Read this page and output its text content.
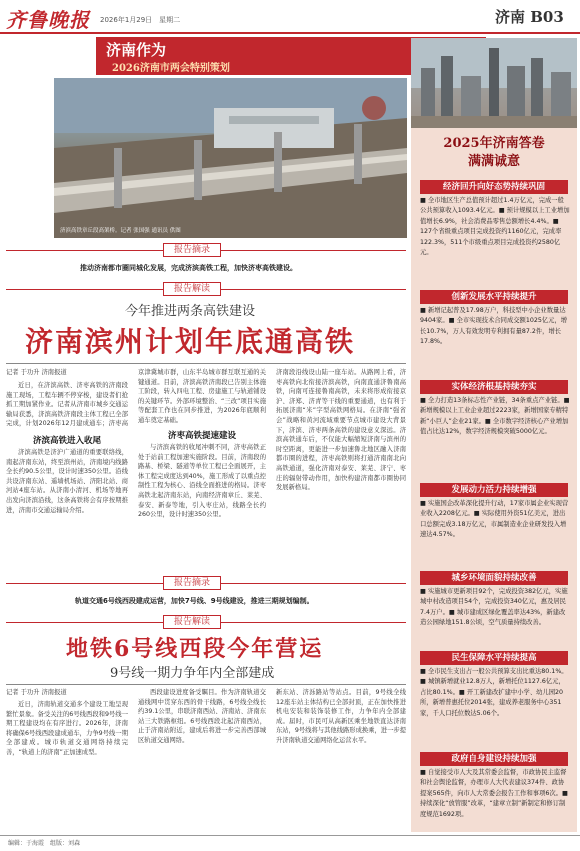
齐鲁晚报 2026年1月29日　星期二	济南 B03
济南作为
2026济南市两会特别策划
济滨高铁章丘段高架桥。记者 张国强 通讯员 供图
报告摘录
推动济南都市圈同城化发展，完成济滨高铁工程，加快济枣高铁建设。
报告解读
今年推进两条高铁建设
济南滨州计划年底通高铁
记者 于功升 济南报道
近日，在济滨高铁、济枣高铁的济南段施工现场，工程车辆不停穿梭，建设者们抢抓工期加紧作业。记者从济南市城乡交通运输局获悉，济滨高铁济南段主体工程已全部完成，计划2026年12月建成通车；济枣高
济滨高铁进入收尾
济滨高铁是济沪广通道的重要联络线，南起济南东站，终至滨州站，济南境内线路全长约90.5公里，设计时速350公里。沿线共设济南东站、遥墙机场站、济阳北站、商河站4座车站。从济南小清河、机场等地再出发向济滨沿线，这条高铁将会有序按期推进，济南市交通运输局介绍。
京津冀城市群，山东半岛城市群互联互通的关键通道。目前，济滨高铁济南段已告别主体施工阶段，转入四电工程、房建施工与轨道铺设的关键环节。外部环境整治、“三改”项目实施等配套工作也在同步推进，为2026年底顺利通车奠定基础。
济枣高铁提速建设
与济滨高铁的收尾冲刺不同，济枣高铁正处于站前工程加速实施阶段。目前，济南段的路基、桥梁、隧道等单位工程已全面展开，主体工程完成度达到40%，施工形成了以重点控制性工程为核心、沿线全面推进的格局。济枣高铁北起济南东站，向南经济南章丘、莱芜、泰安、新泰等地，引入枣庄站，线路全长约260公里，设计时速350公里。
济南段沿线设山陆一座车站。从路网上看，济枣高铁向北衔接济滨高铁，向南直通济鲁南高铁，向南可连接鲁南高铁，未来将形成衔接京沪、济郑、济青等干线的重要通道，也有利于拓展济南“米”字型高铁网格局。在济南“强省会”战略和黄河流域重要节点城市建设大背景下，济滨、济枣两条高铁的建设意义深远。济滨高铁通车后，不仅能大幅缩短济南与滨州的时空距离，更能进一步加速鲁北地区融入济南都市圈的进程，济枣高铁则将打通济南南北向高铁通道，强化济南对泰安、莱芜、济宁、枣庄的辐射带动作用，加快构建济南都市圈协同发展新格局。
报告摘录
轨道交通6号线西段建成运营，加快7号线、9号线建设，推进三期规划编制。
报告解读
地铁6号线西段今年营运
9号线一期力争年内全部建成
记者 于功升 济南报道
近日，济南轨道交通多个建设工地呈现繁忙景象。备受关注的6号线西段和9号线一期工程建设均在有序进行。2026年，济南将确保6号线西段建成通车，力争9号线一期全部建成。城市轨道交通网络持续完善，“轨道上的济南”正加速成型。
西段建设进度备受瞩目。作为济南轨道交通线网中贯穿东西的骨干线路，6号线全线长约39.1公里，串联济南西站、济南站、济南东站三大铁路枢纽。6号线西段北起济南西站，止于济南站附近，建成后将进一步完善西部城区轨道交通网络。
新东站、济泺路站等站点。目前，9号线全线12座车站主体结构已全部封顶，正在加快推进机电安装和装饰装修工作，力争年内全部建成。届时，市民可从高新区乘坐地铁直达济南东站，9号线将与其他线路形成换乘，进一步提升济南轨道交通网络化运营水平。
2025年济南答卷
满满诚意
经济回升向好态势持续巩固
■ 全市地区生产总值预计超过1.4万亿元，完成一般公共预算收入1093.4亿元。■ 预计规模以上工业增加值增长6.9%，社会消费品零售总额增长4.4%。■ 127个省级重点项目完成投资约1160亿元，完成率122.3%，511个市级重点项目完成投资约2580亿元。
创新发展水平持续提升
■ 新增记起普及17.98万户，科技型中小企业数量达9404家。■ 全市实现技术合同成交额1025亿元，增长10.7%，万人有效发明专利拥有量87.2件，增长17.8%。
实体经济根基持续夯实
■ 全力打造13条标志性产业链，34条重点产业链。■ 新增规模以上工业企业超过2223家，新增国家专精特新“小巨人”企业21家。■ 全市数字经济核心产业增加值占比达12%，数字经济规模突破5000亿元。
发展动力活力持续增强
■ 实施国企改革深化提升行动，17家市属企业实现营业收入2208亿元。■ 实际使用外资51亿美元，进出口总额完成3.18万亿元，市属制造业企业研发投入增速达4.57%。
城乡环境面貌持续改善
■ 实施城市更新项目92个，完成投资382亿元，实施城中村改造项目54个，完成投资340亿元，惠及居民7.4万户。■ 城市建成区绿化覆盖率达43%，新建改造公园绿地151.8公顷，空气质量持续改善。
民生保障水平持续提高
■ 全市民生支出占一般公共预算支出比重达80.1%。■ 城镇新增就业12.8万人，新增托位1127.6亿元，占比80.1%。■ 开工新建改扩建中小学、幼儿园20所，新增普惠托位2014张，建成养老服务中心351家，千人口托位数达5.06个。
政府自身建设持续加强
■ 自觉接受市人大及其常委会监督，市政协民主监督和社会舆论监督，办理市人大代表建议374件、政协提案565件，向市人大常委会报告工作和事项6次。■ 持续深化“放管服”改革，“建章立制”新制定和修订制度规范1692项。
编辑：于海霞　组版：刘森
